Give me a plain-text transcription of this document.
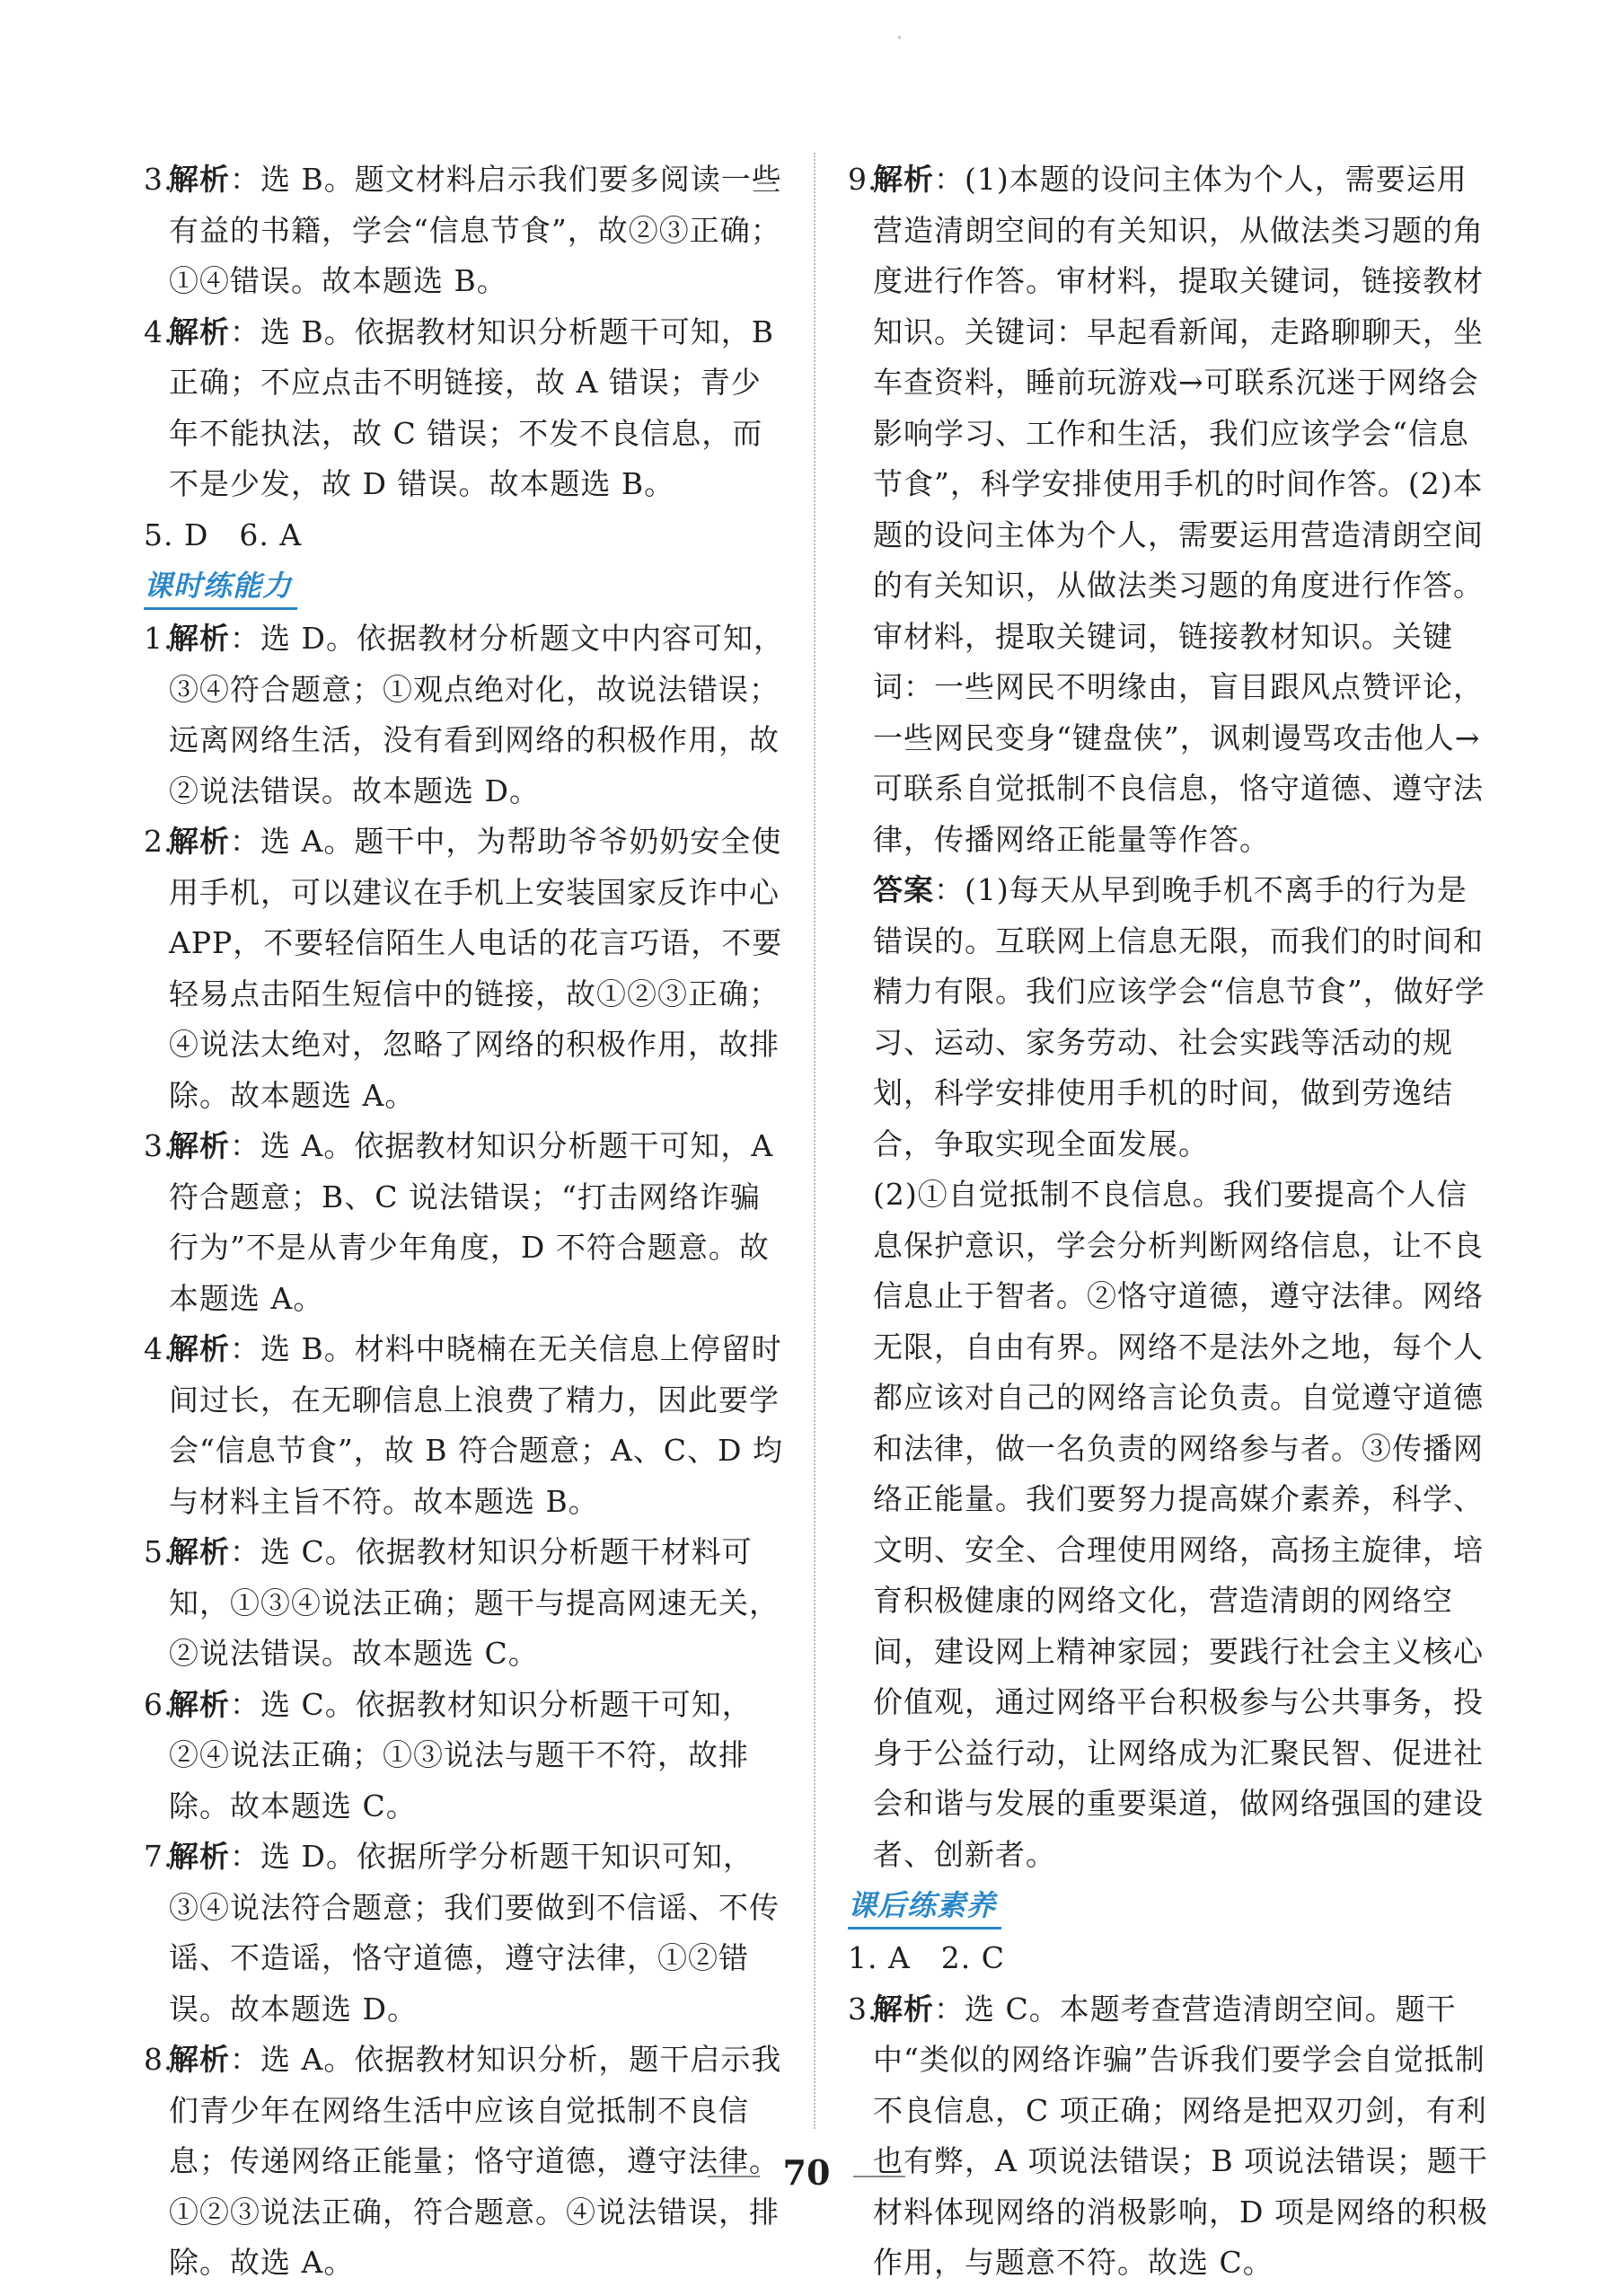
3.
解析：选 B。题文材料启示我们要多阅读一些有益的书籍，学会“信息节食”，故②③正确；①④错误。故本题选 B。
4.
解析：选 B。依据教材知识分析题干可知，B 正确；不应点击不明链接，故 A 错误；青少年不能执法，故 C 错误；不发不良信息，而不是少发，故 D 错误。故本题选 B。
5. D　6. A
课时练能力
1.
解析：选 D。依据教材分析题文中内容可知，③④符合题意；①观点绝对化，故说法错误；远离网络生活，没有看到网络的积极作用，故②说法错误。故本题选 D。
2.
解析：选 A。题干中，为帮助爷爷奶奶安全使用手机，可以建议在手机上安装国家反诈中心 APP，不要轻信陌生人电话的花言巧语，不要轻易点击陌生短信中的链接，故①②③正确；④说法太绝对，忽略了网络的积极作用，故排除。故本题选 A。
3.
解析：选 A。依据教材知识分析题干可知，A 符合题意；B、C 说法错误；“打击网络诈骗行为”不是从青少年角度，D 不符合题意。故本题选 A。
4.
解析：选 B。材料中晓楠在无关信息上停留时间过长，在无聊信息上浪费了精力，因此要学会“信息节食”，故 B 符合题意；A、C、D 均与材料主旨不符。故本题选 B。
5.
解析：选 C。依据教材知识分析题干材料可知，①③④说法正确；题干与提高网速无关，②说法错误。故本题选 C。
6.
解析：选 C。依据教材知识分析题干可知，②④说法正确；①③说法与题干不符，故排除。故本题选 C。
7.
解析：选 D。依据所学分析题干知识可知，③④说法符合题意；我们要做到不信谣、不传谣、不造谣，恪守道德，遵守法律，①②错误。故本题选 D。
8.
解析：选 A。依据教材知识分析，题干启示我们青少年在网络生活中应该自觉抵制不良信息；传递网络正能量；恪守道德，遵守法律。①②③说法正确，符合题意。④说法错误，排除。故选 A。
9.
解析：(1)本题的设问主体为个人，需要运用营造清朗空间的有关知识，从做法类习题的角度进行作答。审材料，提取关键词，链接教材知识。关键词：早起看新闻，走路聊聊天，坐车查资料，睡前玩游戏→可联系沉迷于网络会影响学习、工作和生活，我们应该学会“信息节食”，科学安排使用手机的时间作答。(2)本题的设问主体为个人，需要运用营造清朗空间的有关知识，从做法类习题的角度进行作答。审材料，提取关键词，链接教材知识。关键词：一些网民不明缘由，盲目跟风点赞评论，一些网民变身“键盘侠”，讽刺谩骂攻击他人→可联系自觉抵制不良信息，恪守道德、遵守法律，传播网络正能量等作答。
答案：(1)每天从早到晚手机不离手的行为是错误的。互联网上信息无限，而我们的时间和精力有限。我们应该学会“信息节食”，做好学习、运动、家务劳动、社会实践等活动的规划，科学安排使用手机的时间，做到劳逸结合，争取实现全面发展。
(2)①自觉抵制不良信息。我们要提高个人信息保护意识，学会分析判断网络信息，让不良信息止于智者。②恪守道德，遵守法律。网络无限，自由有界。网络不是法外之地，每个人都应该对自己的网络言论负责。自觉遵守道德和法律，做一名负责的网络参与者。③传播网络正能量。我们要努力提高媒介素养，科学、文明、安全、合理使用网络，高扬主旋律，培育积极健康的网络文化，营造清朗的网络空间，建设网上精神家园；要践行社会主义核心价值观，通过网络平台积极参与公共事务，投身于公益行动，让网络成为汇聚民智、促进社会和谐与发展的重要渠道，做网络强国的建设者、创新者。
课后练素养
1. A　2. C
3.
解析：选 C。本题考查营造清朗空间。题干中“类似的网络诈骗”告诉我们要学会自觉抵制不良信息，C 项正确；网络是把双刃剑，有利也有弊，A 项说法错误；B 项说法错误；题干材料体现网络的消极影响，D 项是网络的积极作用，与题意不符。故选 C。
70
